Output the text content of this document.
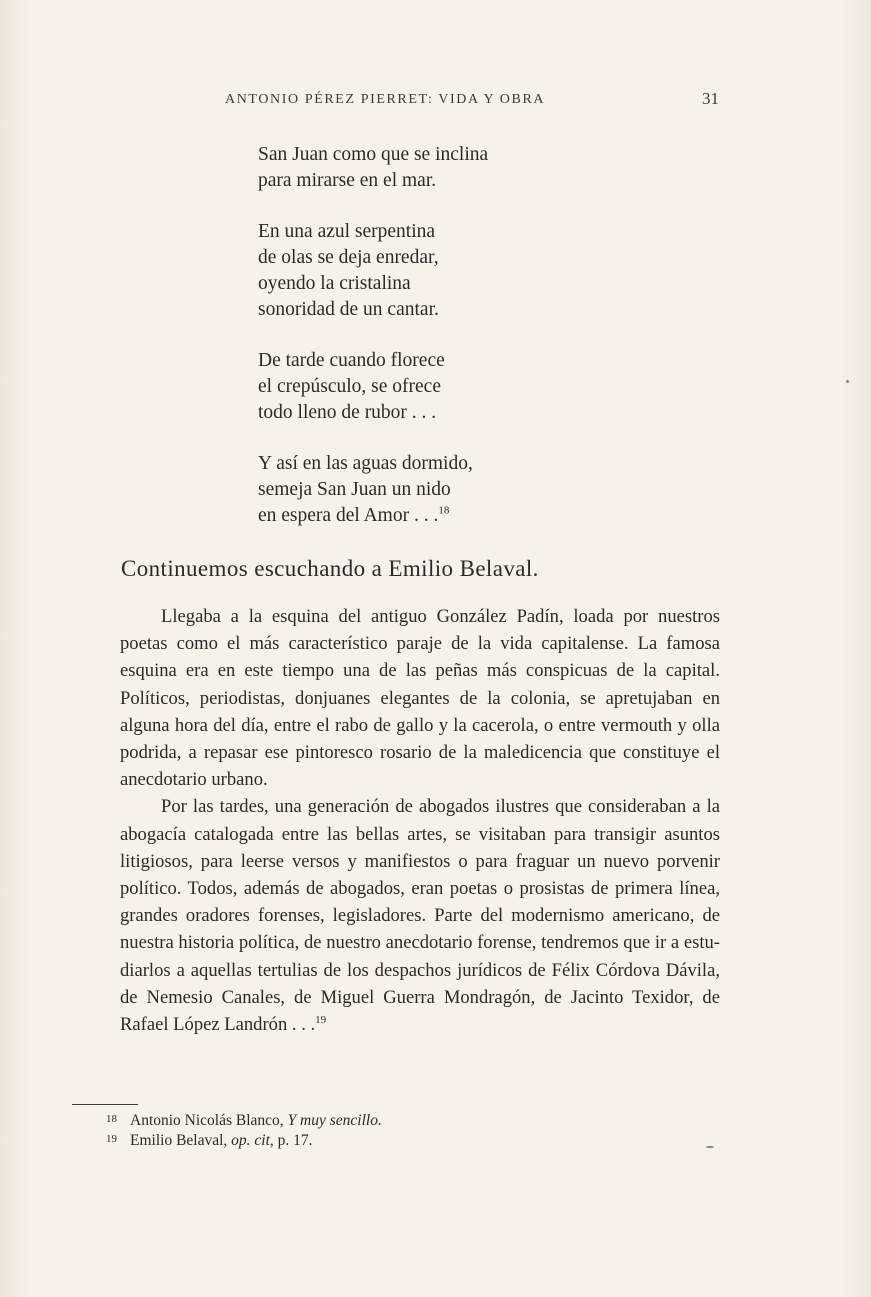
ANTONIO PÉREZ PIERRET: VIDA Y OBRA	31
San Juan como que se inclina
para mirarse en el mar.
En una azul serpentina
de olas se deja enredar,
oyendo la cristalina
sonoridad de un cantar.
De tarde cuando florece
el crepúsculo, se ofrece
todo lleno de rubor . . .
Y así en las aguas dormido,
semeja San Juan un nido
en espera del Amor . . .$^{18}$
Continuemos escuchando a Emilio Belaval.

Llegaba a la esquina del antiguo González Padín, loada por nuestros poetas como el más característico paraje de la vida capitalense. La famosa esquina era en este tiempo una de las peñas más conspicuas de la capital. Políticos, periodistas, donjuanes elegantes de la colonia, se apretujaban en alguna hora del día, entre el rabo de gallo y la cacerola, o entre vermouth y olla podrida, a repasar ese pintoresco rosario de la maledicencia que constituye el anecdotario urbano.

Por las tardes, una generación de abogados ilustres que consideraban a la abogacía catalogada entre las bellas artes, se visitaban para transigir asuntos litigiosos, para leerse versos y manifiestos o para fraguar un nuevo porvenir político. Todos, además de abogados, eran poetas o prosistas de primera línea, grandes oradores forenses, legisladores. Parte del modernismo americano, de nuestra historia política, de nuestro anecdotario forense, tendremos que ir a estudiarlos a aquellas tertulias de los despachos jurídicos de Félix Córdova Dávila, de Nemesio Canales, de Miguel Guerra Mondragón, de Jacinto Texidor, de Rafael López Landrón . . .$^{19}$

18 Antonio Nicolás Blanco, Y muy sencillo.
19 Emilio Belaval, op. cit, p. 17.
